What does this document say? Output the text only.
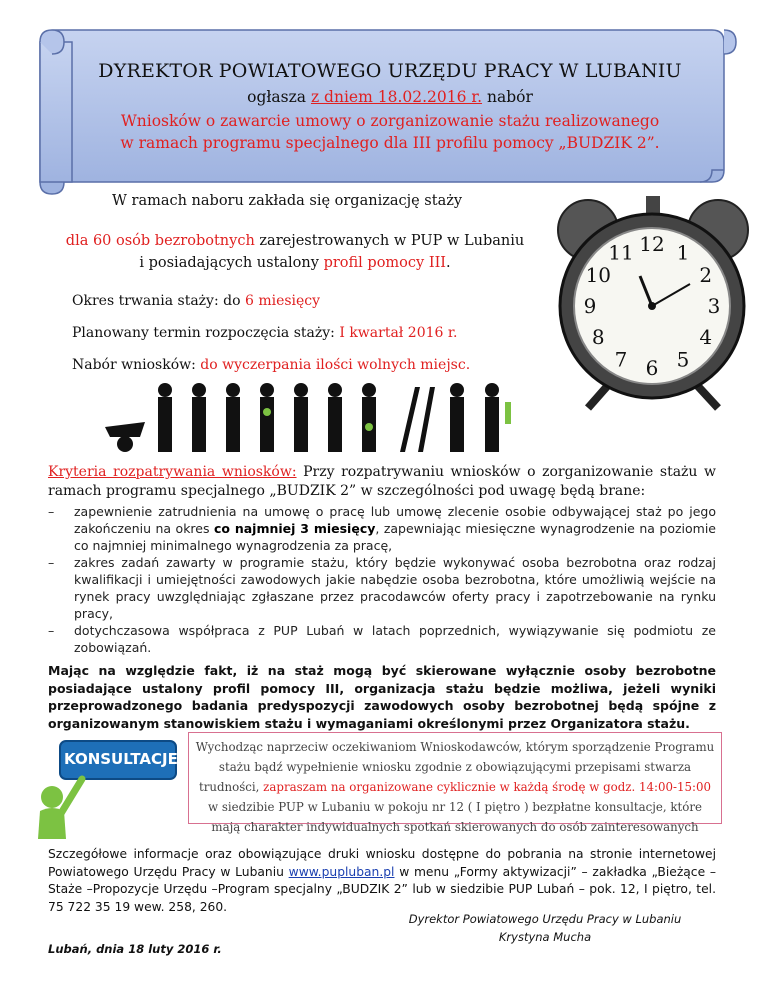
DYREKTOR POWIATOWEGO URZĘDU PRACY W LUBANIU
ogłasza z dniem 18.02.2016 r. nabór
Wniosków o zawarcie umowy o zorganizowanie stażu realizowanego
w ramach programu specjalnego dla III profilu pomocy „BUDZIK 2”.
W ramach naboru zakłada się organizację staży
dla 60 osób bezrobotnych zarejestrowanych w PUP w Lubaniu
i posiadających ustalony profil pomocy III.
Okres trwania staży: do 6 miesięcy
Planowany termin rozpoczęcia staży: I kwartał 2016 r.
Nabór wniosków: do wyczerpania ilości wolnych miejsc.
12 1
2
3
4
5
6
7
8
9
10
11
Kryteria rozpatrywania wniosków: Przy rozpatrywaniu wniosków o zorganizowanie stażu w ramach programu specjalnego „BUDZIK 2” w szczególności pod uwagę będą brane:
– zapewnienie zatrudnienia na umowę o pracę lub umowę zlecenie osobie odbywającej staż po jego zakończeniu na okres co najmniej 3 miesięcy, zapewniając miesięczne wynagrodzenie na poziomie co najmniej minimalnego wynagrodzenia za pracę,
– zakres zadań zawarty w programie stażu, który będzie wykonywać osoba bezrobotna oraz rodzaj kwalifikacji i umiejętności zawodowych jakie nabędzie osoba bezrobotna, które umożliwią wejście na rynek pracy uwzględniając zgłaszane przez pracodawców oferty pracy i zapotrzebowanie na rynku pracy,
– dotychczasowa współpraca z PUP Lubań w latach poprzednich, wywiązywanie się podmiotu ze zobowiązań.
Mając na względzie fakt, iż na staż mogą być skierowane wyłącznie osoby bezrobotne posiadające ustalony profil pomocy III, organizacja stażu będzie możliwa, jeżeli wyniki przeprowadzonego badania predyspozycji zawodowych osoby bezrobotnej będą spójne z organizowanym stanowiskiem stażu i wymaganiami określonymi przez Organizatora stażu.
KONSULTACJE
Wychodząc naprzeciw oczekiwaniom Wnioskodawców, którym sporządzenie Programu stażu bądź wypełnienie wniosku zgodnie z obowiązującymi przepisami stwarza trudności, zapraszam na organizowane cyklicznie w każdą środę w godz. 14:00-15:00 w siedzibie PUP w Lubaniu w pokoju nr 12 ( I piętro ) bezpłatne konsultacje, które mają charakter indywidualnych spotkań skierowanych do osób zainteresowanych
Szczegółowe informacje oraz obowiązujące druki wniosku dostępne do pobrania na stronie internetowej Powiatowego Urzędu Pracy w Lubaniu www.pupluban.pl w menu „Formy aktywizacji” – zakładka „Bieżące – Staże –Propozycje Urzędu –Program specjalny „BUDZIK 2” lub w siedzibie PUP Lubań – pok. 12, I piętro, tel. 75 722 35 19 wew. 258, 260.
Dyrektor Powiatowego Urzędu Pracy w Lubaniu
Krystyna Mucha
Lubań, dnia 18 luty 2016 r.
